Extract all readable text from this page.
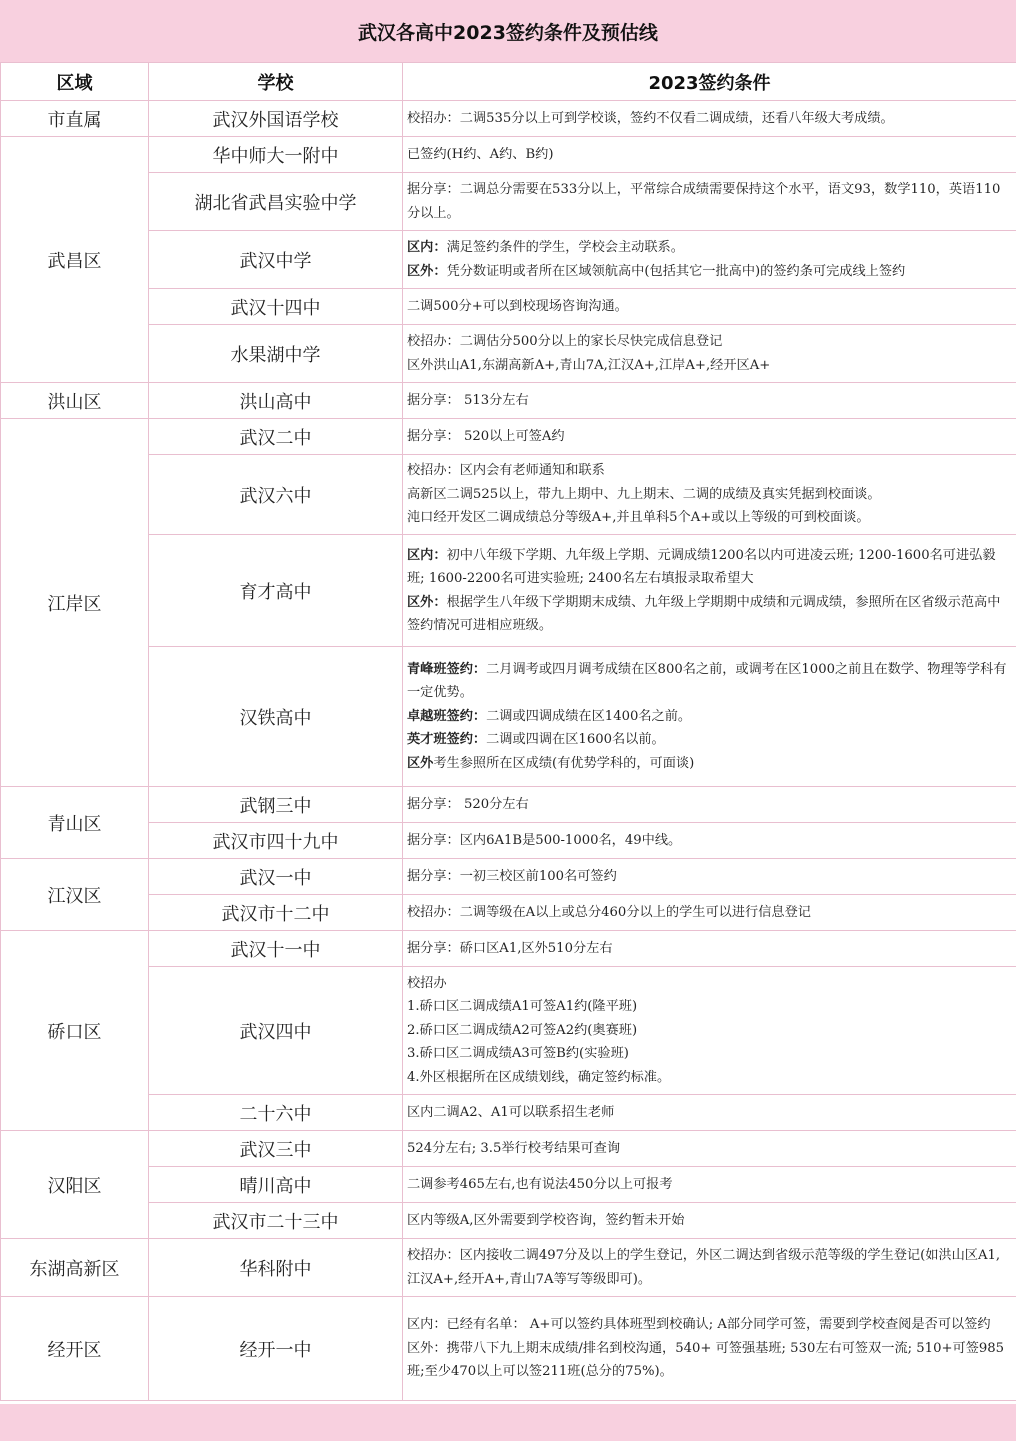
武汉各高中2023签约条件及预估线
区域	学校	2023签约条件
市直属	武汉外国语学校	校招办：二调535分以上可到学校谈，签约不仅看二调成绩，还看八年级大考成绩。

武昌区	华中师大一附中	已签约(H约、A约、B约)

	湖北省武昌实验中学	据分享：二调总分需要在533分以上，平常综合成绩需要保持这个水平，语文93，数学110，英语110分以上。

	武汉中学	区内：满足签约条件的学生，学校会主动联系。
区外：凭分数证明或者所在区域领航高中(包括其它一批高中)的签约条可完成线上签约

	武汉十四中	二调500分+可以到校现场咨询沟通。

	水果湖中学	校招办：二调估分500分以上的家长尽快完成信息登记
区外洪山A1,东湖高新A+,青山7A,江汉A+,江岸A+,经开区A+

洪山区	洪山高中	据分享： 513分左右

江岸区	武汉二中	据分享： 520以上可签A约

	武汉六中	校招办：区内会有老师通知和联系
高新区二调525以上，带九上期中、九上期末、二调的成绩及真实凭据到校面谈。
沌口经开发区二调成绩总分等级A+,并且单科5个A+或以上等级的可到校面谈。

	育才高中	区内：初中八年级下学期、九年级上学期、元调成绩1200名以内可进凌云班; 1200-1600名可进弘毅班; 1600-2200名可进实验班; 2400名左右填报录取希望大
区外：根据学生八年级下学期期末成绩、九年级上学期期中成绩和元调成绩，参照所在区省级示范高中签约情况可进相应班级。

	汉铁高中	青峰班签约：二月调考或四月调考成绩在区800名之前，或调考在区1000之前且在数学、物理等学科有一定优势。
卓越班签约：二调或四调成绩在区1400名之前。
英才班签约：二调或四调在区1600名以前。
区外考生参照所在区成绩(有优势学科的，可面谈)

青山区	武钢三中	据分享： 520分左右

	武汉市四十九中	据分享：区内6A1B是500-1000名，49中线。

江汉区	武汉一中	据分享：一初三校区前100名可签约

	武汉市十二中	校招办：二调等级在A以上或总分460分以上的学生可以进行信息登记

硚口区	武汉十一中	据分享：硚口区A1,区外510分左右

	武汉四中	校招办
1.硚口区二调成绩A1可签A1约(隆平班)
2.硚口区二调成绩A2可签A2约(奥赛班)
3.硚口区二调成绩A3可签B约(实验班)
4.外区根据所在区成绩划线，确定签约标准。

	二十六中	区内二调A2、A1可以联系招生老师

汉阳区	武汉三中	524分左右; 3.5举行校考结果可查询

	晴川高中	二调参考465左右,也有说法450分以上可报考

	武汉市二十三中	区内等级A,区外需要到学校咨询，签约暂未开始

东湖高新区	华科附中	校招办：区内接收二调497分及以上的学生登记，外区二调达到省级示范等级的学生登记(如洪山区A1,江汉A+,经开A+,青山7A等写等级即可)。

经开区	经开一中	区内：已经有名单： A+可以签约具体班型到校确认; A部分同学可签，需要到学校查阅是否可以签约
区外：携带八下九上期末成绩/排名到校沟通，540+ 可签强基班; 530左右可签双一流; 510+可签985班;至少470以上可以签211班(总分的75%)。
